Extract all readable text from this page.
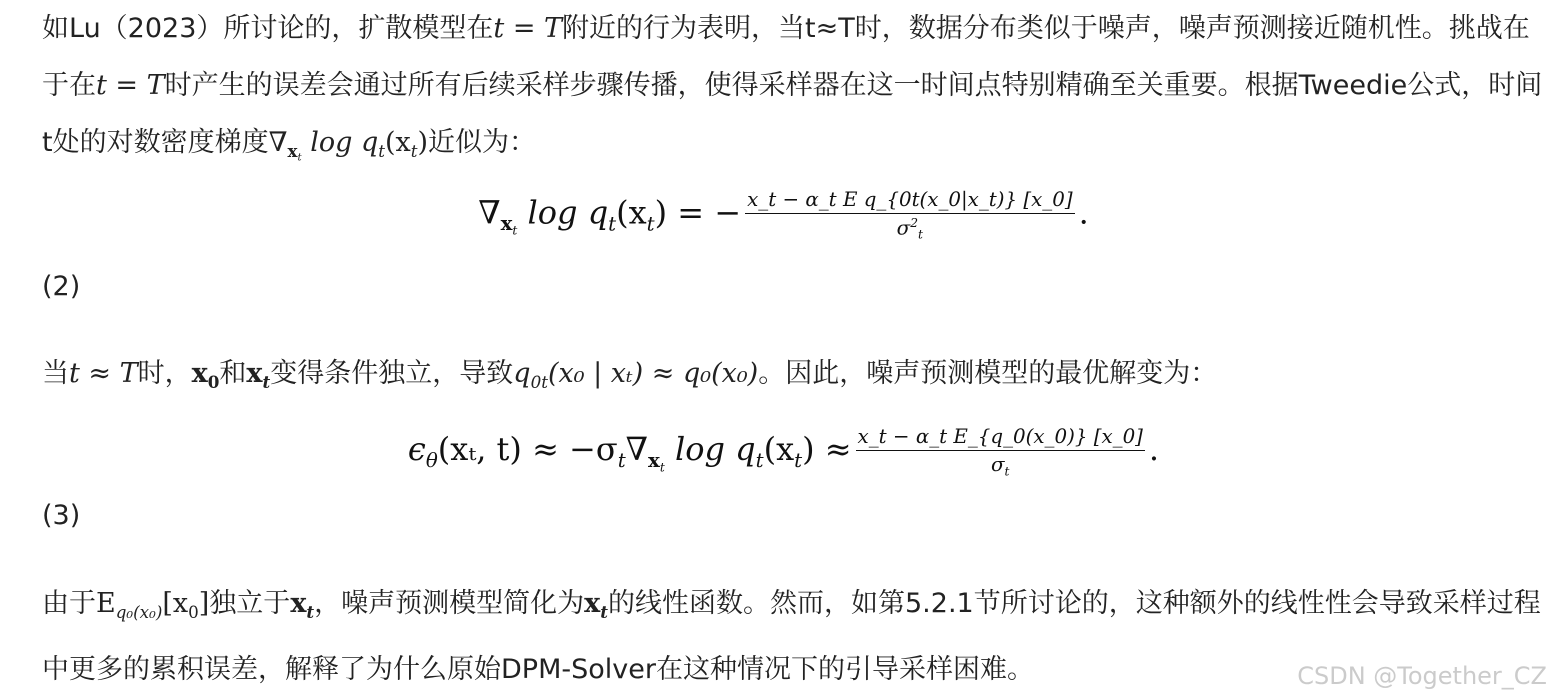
如Lu（2023）所讨论的，扩散模型在t = T附近的行为表明，当t≈T时，数据分布类似于噪声，噪声预测接近随机性。挑战在于在t = T时产生的误差会通过所有后续采样步骤传播，使得采样器在这一时间点特别精确至关重要。根据Tweedie公式，时间t处的对数密度梯度$\nabla_{x_t}$ $\log q_t(x_t)$近似为：

$\nabla_{x_t}$ $\log q_t(x_t)$ = − $\frac{\text{x\_t − α\_t E q\_\{0t(x\_0|x\_t)\} [x\_0]}}{\sigma^2_t}$ .
(2)

当t ≈ T时，$x_0$和$x_t$变得条件独立，导致$q_{0t}(x_0$ | xₜ) ≈ q₀(x₀)。因此，噪声预测模型的最优解变为：

$\epsilon_\theta(x_t$, $t) \approx -\sigma_t\nabla_{x_t}$ $\log q_t(x_t) \approx \frac{\text{x\_t − α\_t E\_\{q\_0(x\_0)\} [x\_0]}}{\sigma_t}$ .
(3)

由于$E_{q_0(x_0)}[x_0]$独立于$x_t$，噪声预测模型简化为$x_t$的线性函数。然而，如第5.2.1节所讨论的，这种额外的线性性会导致采样过程中更多的累积误差，解释了为什么原始DPM-Solver在这种情况下的引导采样困难。	CSDN @Together_CZ
